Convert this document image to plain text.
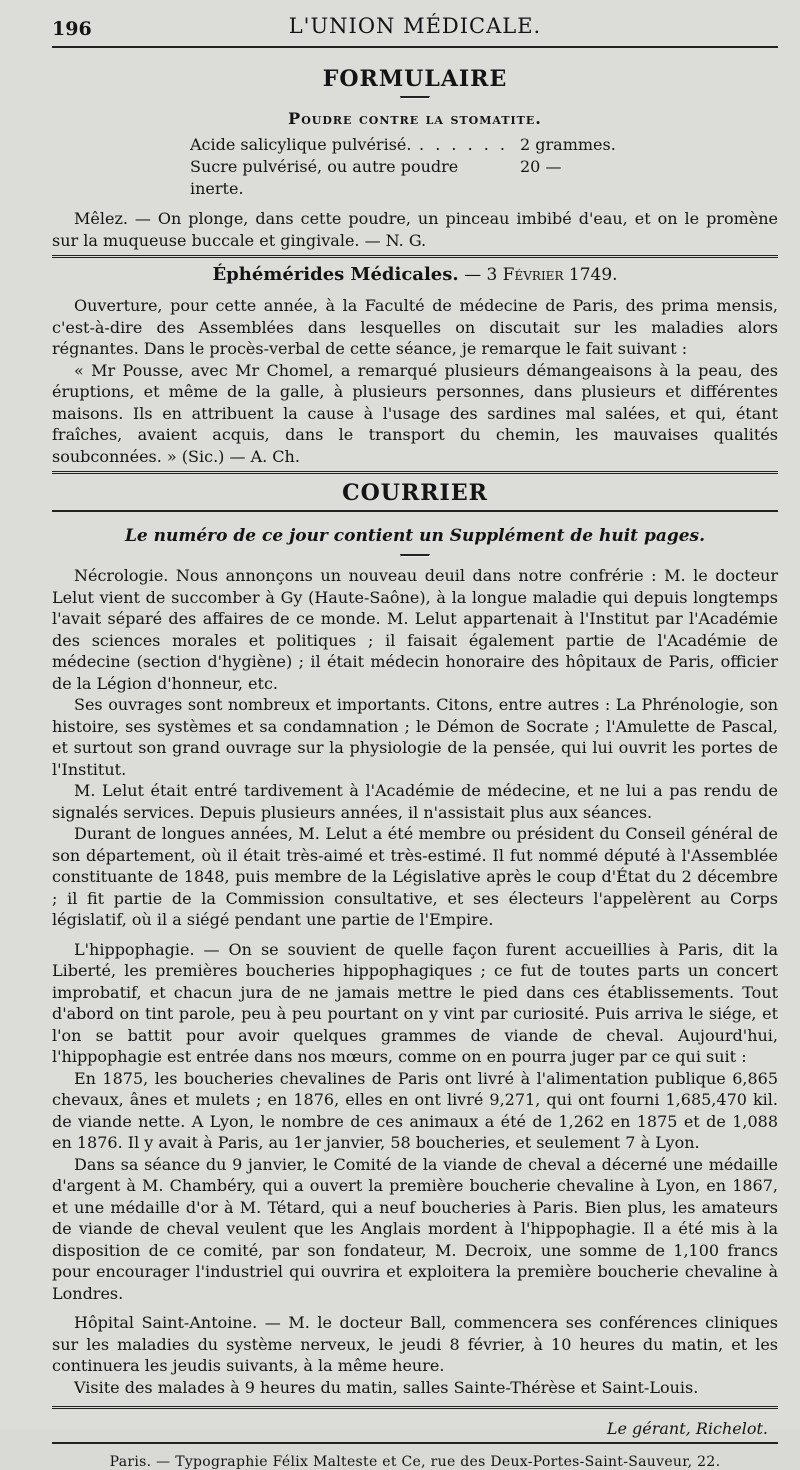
196	L'UNION MÉDICALE.
FORMULAIRE
Poudre contre la stomatite.
Acide salicylique pulvérisé. . . . . . . 2 grammes.
Sucre pulvérisé, ou autre poudre inerte.
20 —

Mêlez. — On plonge, dans cette poudre, un pinceau imbibé d'eau, et on le promène sur la muqueuse buccale et gingivale. — N. G.

Éphémérides Médicales. — 3 Février 1749.

Ouverture, pour cette année, à la Faculté de médecine de Paris, des prima mensis, c'est-à-dire des Assemblées dans lesquelles on discutait sur les maladies alors régnantes. Dans le procès-verbal de cette séance, je remarque le fait suivant :

« Mr Pousse, avec Mr Chomel, a remarqué plusieurs démangeaisons à la peau, des éruptions, et même de la galle, à plusieurs personnes, dans plusieurs et différentes maisons. Ils en attribuent la cause à l'usage des sardines mal salées, et qui, étant fraîches, avaient acquis, dans le transport du chemin, les mauvaises qualités soubconnées. » (Sic.) — A. Ch.

COURRIER
Le numéro de ce jour contient un Supplément de huit pages.

Nécrologie. Nous annonçons un nouveau deuil dans notre confrérie : M. le docteur Lelut vient de succomber à Gy (Haute-Saône), à la longue maladie qui depuis longtemps l'avait séparé des affaires de ce monde. M. Lelut appartenait à l'Institut par l'Académie des sciences morales et politiques ; il faisait également partie de l'Académie de médecine (section d'hygiène) ; il était médecin honoraire des hôpitaux de Paris, officier de la Légion d'honneur, etc.

Ses ouvrages sont nombreux et importants. Citons, entre autres : La Phrénologie, son histoire, ses systèmes et sa condamnation ; le Démon de Socrate ; l'Amulette de Pascal, et surtout son grand ouvrage sur la physiologie de la pensée, qui lui ouvrit les portes de l'Institut.

M. Lelut était entré tardivement à l'Académie de médecine, et ne lui a pas rendu de signalés services. Depuis plusieurs années, il n'assistait plus aux séances.

Durant de longues années, M. Lelut a été membre ou président du Conseil général de son département, où il était très-aimé et très-estimé. Il fut nommé député à l'Assemblée constituante de 1848, puis membre de la Législative après le coup d'État du 2 décembre ; il fit partie de la Commission consultative, et ses électeurs l'appelèrent au Corps législatif, où il a siégé pendant une partie de l'Empire.

L'hippophagie. — On se souvient de quelle façon furent accueillies à Paris, dit la Liberté, les premières boucheries hippophagiques ; ce fut de toutes parts un concert improbatif, et chacun jura de ne jamais mettre le pied dans ces établissements. Tout d'abord on tint parole, peu à peu pourtant on y vint par curiosité. Puis arriva le siége, et l'on se battit pour avoir quelques grammes de viande de cheval. Aujourd'hui, l'hippophagie est entrée dans nos mœurs, comme on en pourra juger par ce qui suit :

En 1875, les boucheries chevalines de Paris ont livré à l'alimentation publique 6,865 chevaux, ânes et mulets ; en 1876, elles en ont livré 9,271, qui ont fourni 1,685,470 kil. de viande nette. A Lyon, le nombre de ces animaux a été de 1,262 en 1875 et de 1,088 en 1876. Il y avait à Paris, au 1er janvier, 58 boucheries, et seulement 7 à Lyon.

Dans sa séance du 9 janvier, le Comité de la viande de cheval a décerné une médaille d'argent à M. Chambéry, qui a ouvert la première boucherie chevaline à Lyon, en 1867, et une médaille d'or à M. Tétard, qui a neuf boucheries à Paris. Bien plus, les amateurs de viande de cheval veulent que les Anglais mordent à l'hippophagie. Il a été mis à la disposition de ce comité, par son fondateur, M. Decroix, une somme de 1,100 francs pour encourager l'industriel qui ouvrira et exploitera la première boucherie chevaline à Londres.

Hôpital Saint-Antoine. — M. le docteur Ball, commencera ses conférences cliniques sur les maladies du système nerveux, le jeudi 8 février, à 10 heures du matin, et les continuera les jeudis suivants, à la même heure.

Visite des malades à 9 heures du matin, salles Sainte-Thérèse et Saint-Louis.

Le gérant, Richelot.
Paris. — Typographie Félix Malteste et Ce, rue des Deux-Portes-Saint-Sauveur, 22.
